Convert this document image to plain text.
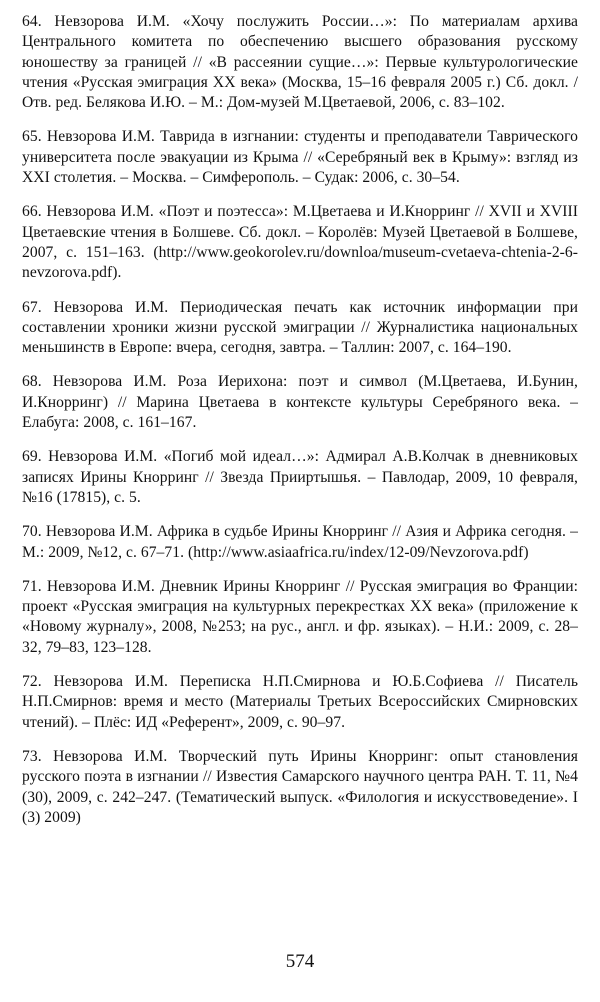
64. Невзорова И.М. «Хочу послужить России…»: По материалам архива Центрального комитета по обеспечению высшего образования русскому юношеству за границей // «В рассеянии сущие…»: Первые культурологические чтения «Русская эмиграция XX века» (Москва, 15–16 февраля 2005 г.) Сб. докл. / Отв. ред. Белякова И.Ю. – М.: Дом-музей М.Цветаевой, 2006, с. 83–102.

65. Невзорова И.М. Таврида в изгнании: студенты и преподаватели Таврического университета после эвакуации из Крыма // «Серебряный век в Крыму»: взгляд из XXI столетия. – Москва. – Симферополь. – Судак: 2006, с. 30–54.

66. Невзорова И.М. «Поэт и поэтесса»: М.Цветаева и И.Кнорринг // XVII и XVIII Цветаевские чтения в Болшеве. Сб. докл. – Королёв: Музей Цветаевой в Болшеве, 2007, с. 151–163. (http://www.geokorolev.ru/downloa/museum-cvetaeva-chtenia-2-6-nevzorova.pdf).

67. Невзорова И.М. Периодическая печать как источник информации при составлении хроники жизни русской эмиграции // Журналистика национальных меньшинств в Европе: вчера, сегодня, завтра. – Таллин: 2007, с. 164–190.

68. Невзорова И.М. Роза Иерихона: поэт и символ (М.Цветаева, И.Бунин, И.Кнорринг) // Марина Цветаева в контексте культуры Серебряного века. – Елабуга: 2008, с. 161–167.

69. Невзорова И.М. «Погиб мой идеал…»: Адмирал А.В.Колчак в дневниковых записях Ирины Кнорринг // Звезда Прииртышья. – Павлодар, 2009, 10 февраля, №16 (17815), с. 5.

70. Невзорова И.М. Африка в судьбе Ирины Кнорринг // Азия и Африка сегодня. – М.: 2009, №12, с. 67–71. (http://www.asiaafrica.ru/index/12-09/Nevzorova.pdf)

71. Невзорова И.М. Дневник Ирины Кнорринг // Русская эмиграция во Франции: проект «Русская эмиграция на культурных перекрестках XX века» (приложение к «Новому журналу», 2008, №253; на рус., англ. и фр. языках). – Н.И.: 2009, с. 28–32, 79–83, 123–128.

72. Невзорова И.М. Переписка Н.П.Смирнова и Ю.Б.Софиева // Писатель Н.П.Смирнов: время и место (Материалы Третьих Всероссийских Смирновских чтений). – Плёс: ИД «Референт», 2009, с. 90–97.

73. Невзорова И.М. Творческий путь Ирины Кнорринг: опыт становления русского поэта в изгнании // Известия Самарского научного центра РАН. Т. 11, №4 (30), 2009, с. 242–247. (Тематический выпуск. «Филология и искусствоведение». I (3) 2009)

574
